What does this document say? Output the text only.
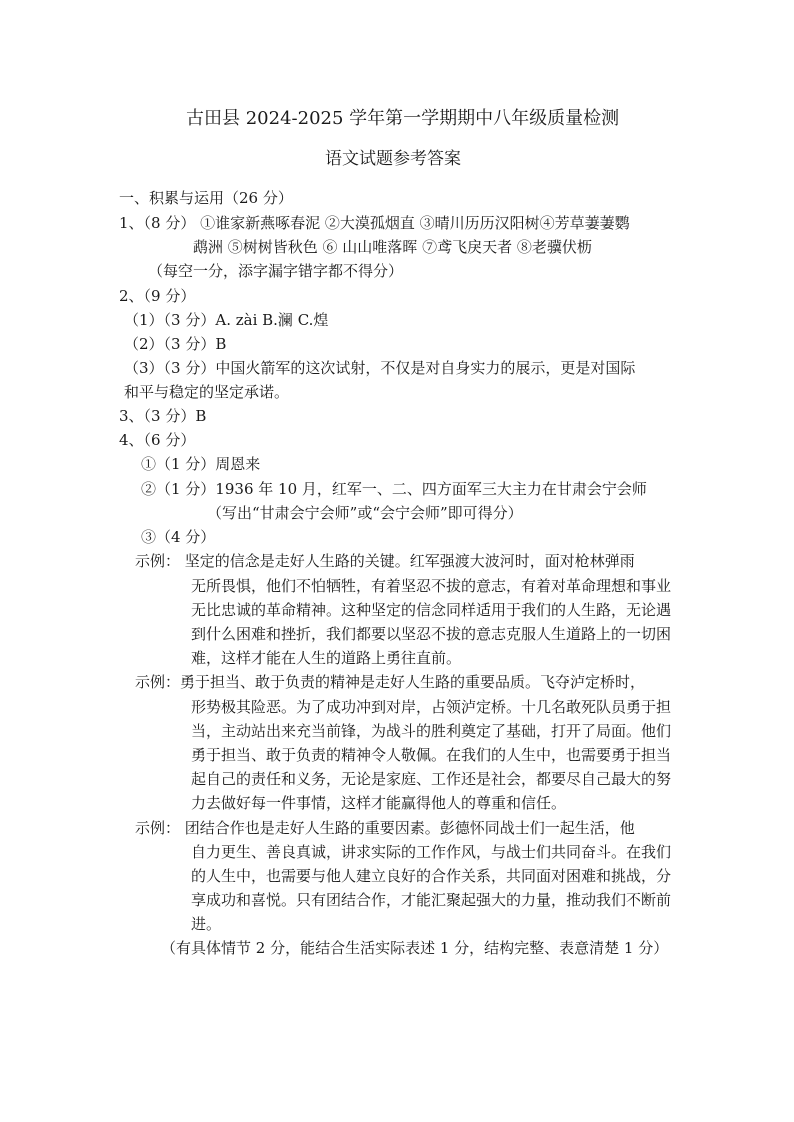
古田县 2024-2025 学年第一学期期中八年级质量检测
语文试题参考答案
一、积累与运用（26 分）
1、（8 分） ①谁家新燕啄春泥 ②大漠孤烟直 ③晴川历历汉阳树④芳草萋萋鹦
鹉洲 ⑤树树皆秋色 ⑥ 山山唯落晖 ⑦鸢飞戾天者 ⑧老骥伏枥
（每空一分，添字漏字错字都不得分）
2、（9 分）
（1）（3 分）A. zài B.澜 C.煌
（2）（3 分）B
（3）（3 分）中国火箭军的这次试射，不仅是对自身实力的展示，更是对国际
和平与稳定的坚定承诺。
3、（3 分）B
4、（6 分）
①（1 分）周恩来
②（1 分）1936 年 10 月，红军一、二、四方面军三大主力在甘肃会宁会师
（写出“甘肃会宁会师”或“会宁会师”即可得分）
③（4 分）
示例： 坚定的信念是走好人生路的关键。红军强渡大波河时，面对枪林弹雨
无所畏惧，他们不怕牺牲，有着坚忍不拔的意志，有着对革命理想和事业
无比忠诚的革命精神。这种坚定的信念同样适用于我们的人生路，无论遇
到什么困难和挫折，我们都要以坚忍不拔的意志克服人生道路上的一切困
难，这样才能在人生的道路上勇往直前。
示例：勇于担当、敢于负责的精神是走好人生路的重要品质。飞夺泸定桥时，
形势极其险恶。为了成功冲到对岸，占领泸定桥。十几名敢死队员勇于担
当，主动站出来充当前锋，为战斗的胜利奠定了基础，打开了局面。他们
勇于担当、敢于负责的精神令人敬佩。在我们的人生中，也需要勇于担当
起自己的责任和义务，无论是家庭、工作还是社会，都要尽自己最大的努
力去做好每一件事情，这样才能赢得他人的尊重和信任。
示例： 团结合作也是走好人生路的重要因素。彭德怀同战士们一起生活，他
自力更生、善良真诚，讲求实际的工作作风，与战士们共同奋斗。在我们
的人生中，也需要与他人建立良好的合作关系，共同面对困难和挑战，分
享成功和喜悦。只有团结合作，才能汇聚起强大的力量，推动我们不断前
进。
（有具体情节 2 分，能结合生活实际表述 1 分，结构完整、表意清楚 1 分）
